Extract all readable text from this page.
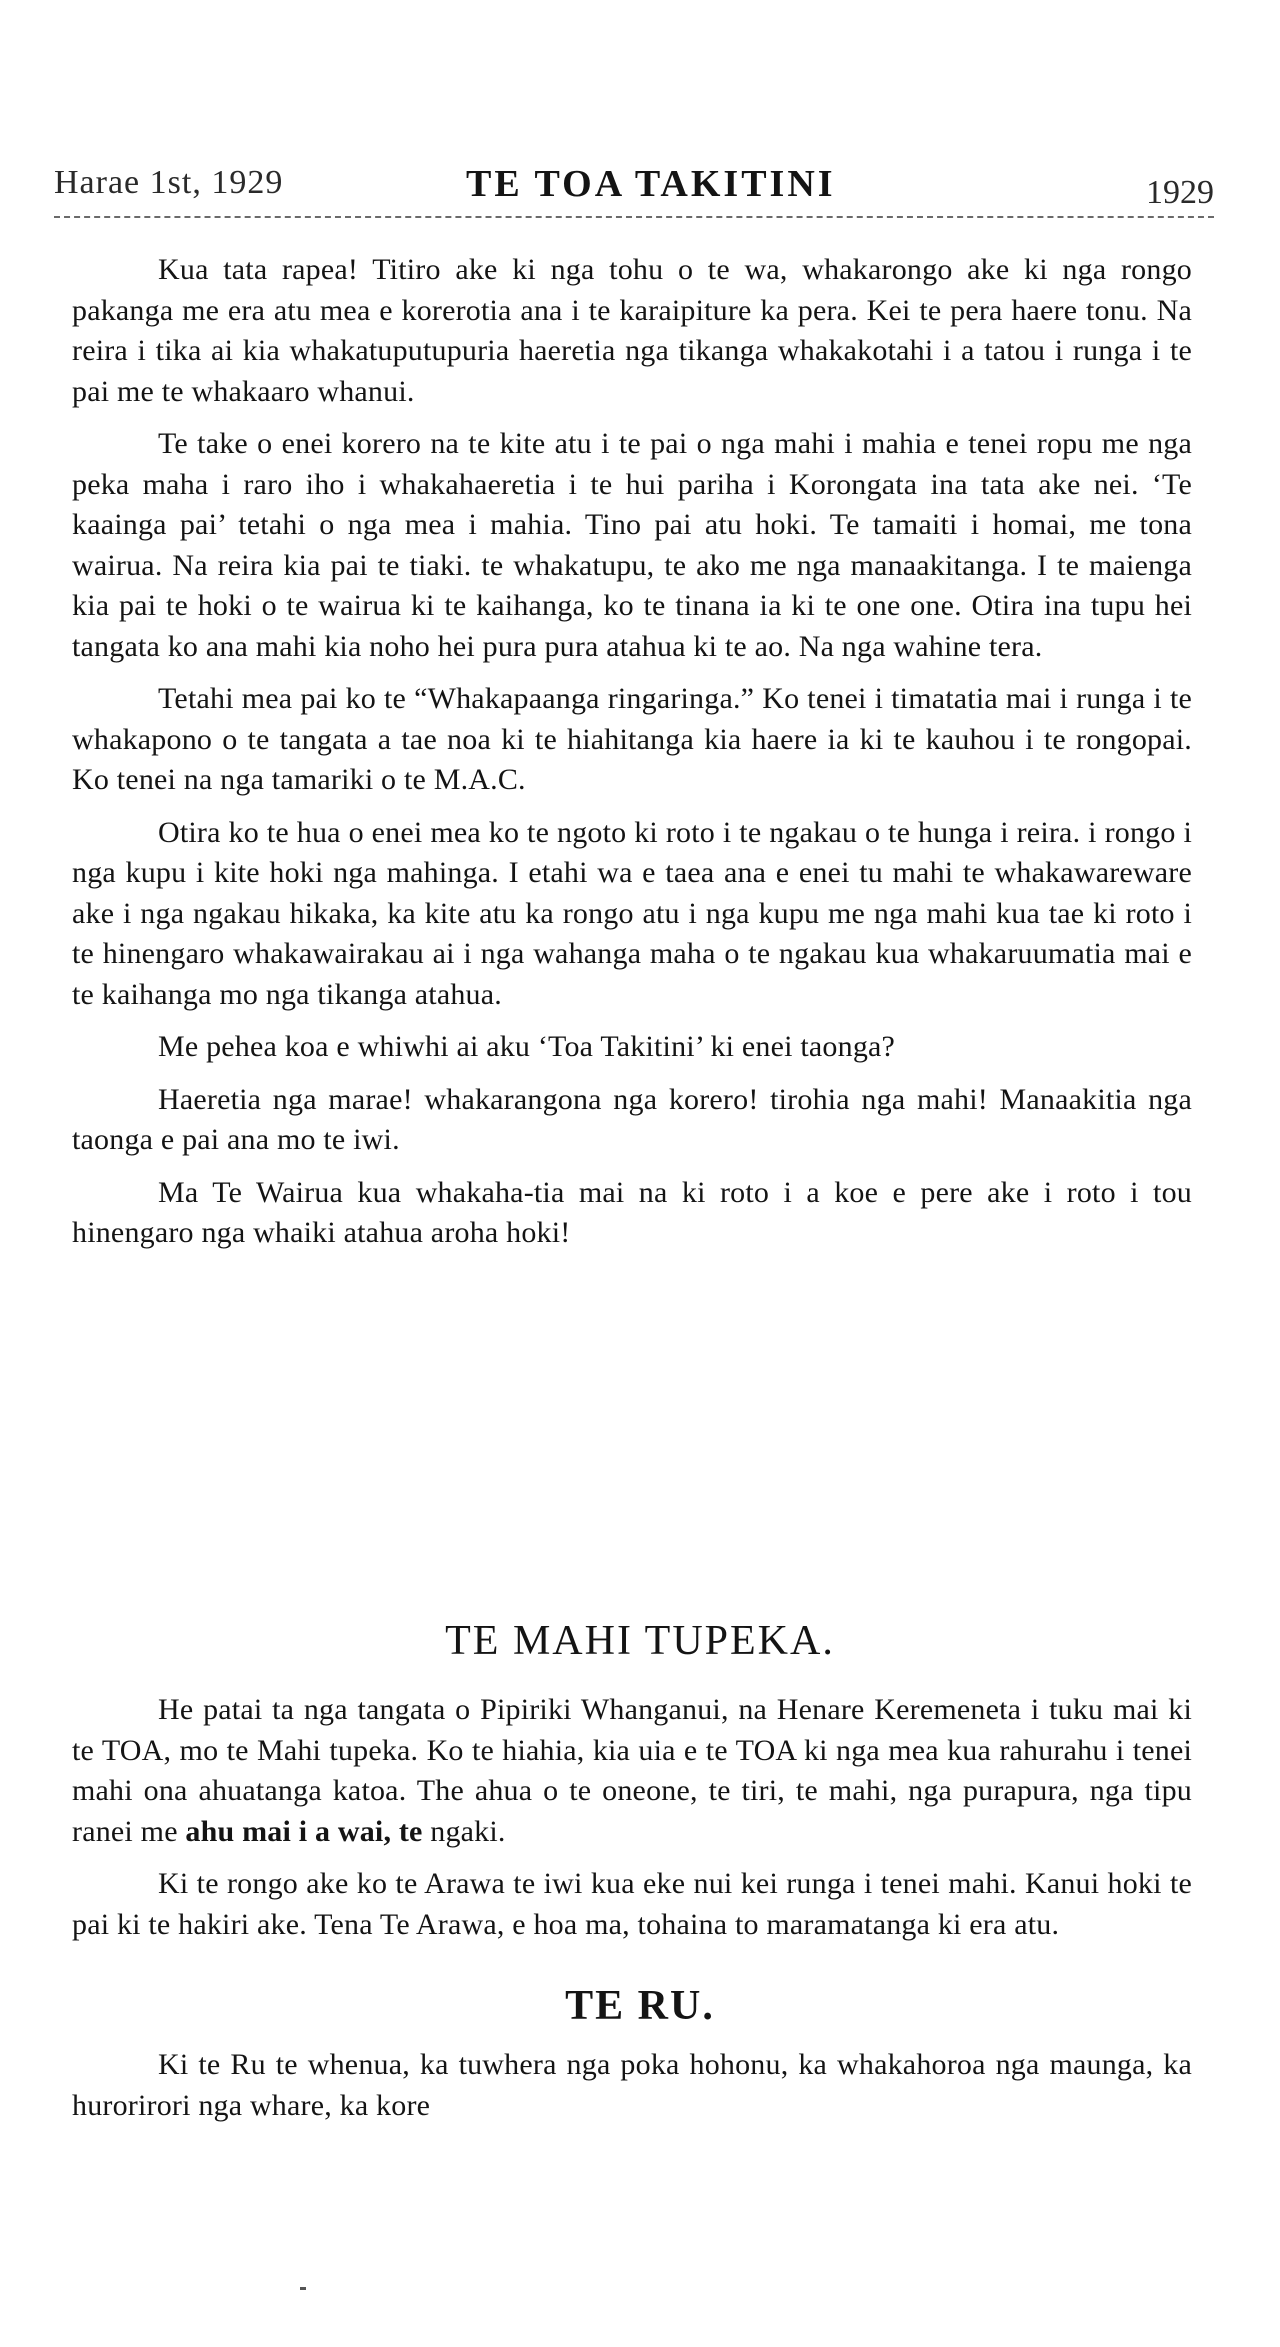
Harae 1st, 1929	TE TOA TAKITINI	1929

Kua tata rapea! Titiro ake ki nga tohu o te wa, whakarongo ake ki nga rongo pakanga me era atu mea e korerotia ana i te karaipiture ka pera. Kei te pera haere tonu. Na reira i tika ai kia whakatuputupuria haeretia nga tikanga whakakotahi i a tatou i runga i te pai me te whakaaro whanui.

Te take o enei korero na te kite atu i te pai o nga mahi i mahia e tenei ropu me nga peka maha i raro iho i whakahaeretia i te hui pariha i Korongata ina tata ake nei. ‘Te kaainga pai’ tetahi o nga mea i mahia. Tino pai atu hoki. Te tamaiti i homai, me tona wairua. Na reira kia pai te tiaki. te whakatupu, te ako me nga manaakitanga. I te maienga kia pai te hoki o te wairua ki te kaihanga, ko te tinana ia ki te one one. Otira ina tupu hei tangata ko ana mahi kia noho hei pura pura atahua ki te ao. Na nga wahine tera.

Tetahi mea pai ko te “Whakapaanga ringaringa.” Ko tenei i timatatia mai i runga i te whakapono o te tangata a tae noa ki te hiahitanga kia haere ia ki te kauhou i te rongopai. Ko tenei na nga tamariki o te M.A.C.

Otira ko te hua o enei mea ko te ngoto ki roto i te ngakau o te hunga i reira. i rongo i nga kupu i kite hoki nga mahinga. I etahi wa e taea ana e enei tu mahi te whakawareware ake i nga ngakau hikaka, ka kite atu ka rongo atu i nga kupu me nga mahi kua tae ki roto i te hinengaro whakawairakau ai i nga wahanga maha o te ngakau kua whakaruumatia mai e te kaihanga mo nga tikanga atahua.

Me pehea koa e whiwhi ai aku ‘Toa Takitini’ ki enei taonga?

Haeretia nga marae! whakarangona nga korero! tirohia nga mahi! Manaakitia nga taonga e pai ana mo te iwi.

Ma Te Wairua kua whakaha-tia mai na ki roto i a koe e pere ake i roto i tou hinengaro nga whaiki atahua aroha hoki!

TE MAHI TUPEKA.

He patai ta nga tangata o Pipiriki Whanganui, na Henare Keremeneta i tuku mai ki te TOA, mo te Mahi tupeka. Ko te hiahia, kia uia e te TOA ki nga mea kua rahurahu i tenei mahi ona ahuatanga katoa. The ahua o te oneone, te tiri, te mahi, nga purapura, nga tipu ranei me ahu mai i a wai, te ngaki.

Ki te rongo ake ko te Arawa te iwi kua eke nui kei runga i tenei mahi. Kanui hoki te pai ki te hakiri ake. Tena Te Arawa, e hoa ma, tohaina to maramatanga ki era atu.

TE RU.

Ki te Ru te whenua, ka tuwhera nga poka hohonu, ka whakahoroa nga maunga, ka hurorirori nga whare, ka kore
